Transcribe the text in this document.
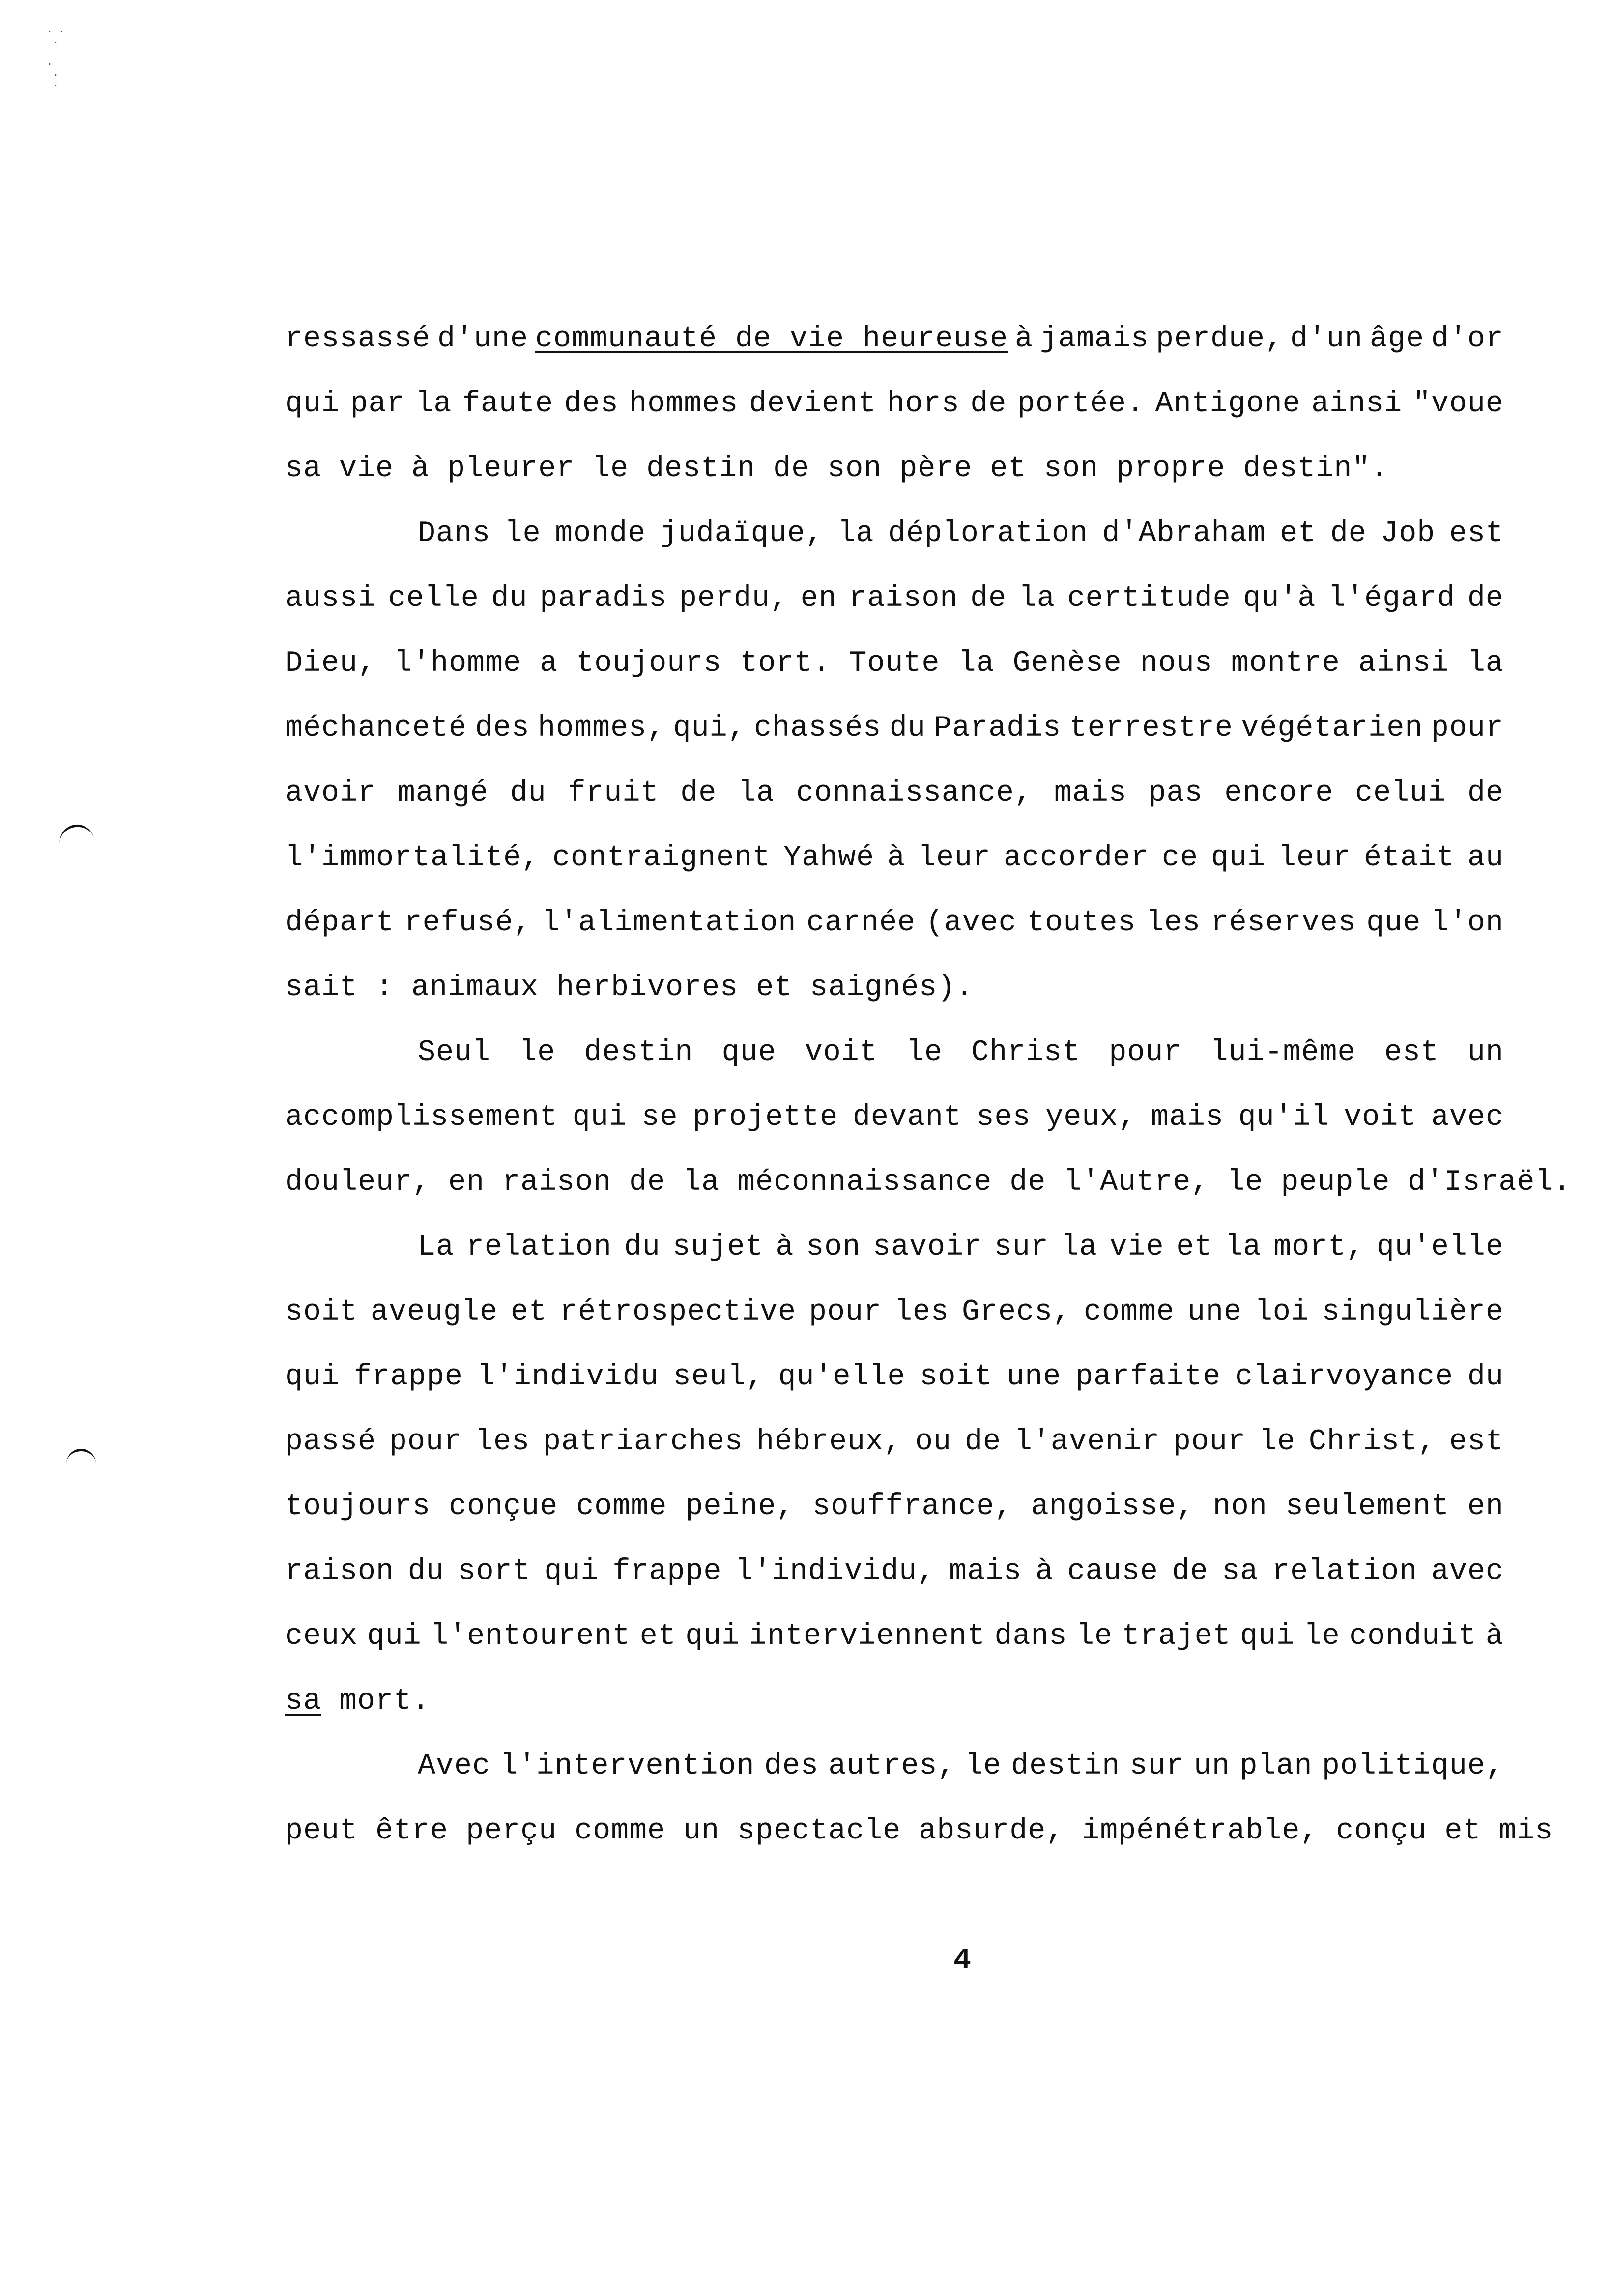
· ·
·

·
·
·
ressassé d'une communauté de vie heureuse à jamais perdue, d'un âge d'or
qui par la faute des hommes devient hors de portée. Antigone ainsi "voue
sa vie à pleurer le destin de son père et son propre destin".
Dans le monde judaïque, la déploration d'Abraham et de Job est
aussi celle du paradis perdu, en raison de la certitude qu'à l'égard de
Dieu, l'homme a toujours tort. Toute la Genèse nous montre ainsi la
méchanceté des hommes, qui, chassés du Paradis terrestre végétarien pour
avoir mangé du fruit de la connaissance, mais pas encore celui de
l'immortalité, contraignent Yahwé à leur accorder ce qui leur était au
départ refusé, l'alimentation carnée (avec toutes les réserves que l'on
sait : animaux herbivores et saignés).
Seul le destin que voit le Christ pour lui-même est un
accomplissement qui se projette devant ses yeux, mais qu'il voit avec
douleur, en raison de la méconnaissance de l'Autre, le peuple d'Israël.
La relation du sujet à son savoir sur la vie et la mort, qu'elle
soit aveugle et rétrospective pour les Grecs, comme une loi singulière
qui frappe l'individu seul, qu'elle soit une parfaite clairvoyance du
passé pour les patriarches hébreux, ou de l'avenir pour le Christ, est
toujours conçue comme peine, souffrance, angoisse, non seulement en
raison du sort qui frappe l'individu, mais à cause de sa relation avec
ceux qui l'entourent et qui interviennent dans le trajet qui le conduit à
sa mort.
Avec l'intervention des autres, le destin sur un plan politique,
peut être perçu comme un spectacle absurde, impénétrable, conçu et mis
4
